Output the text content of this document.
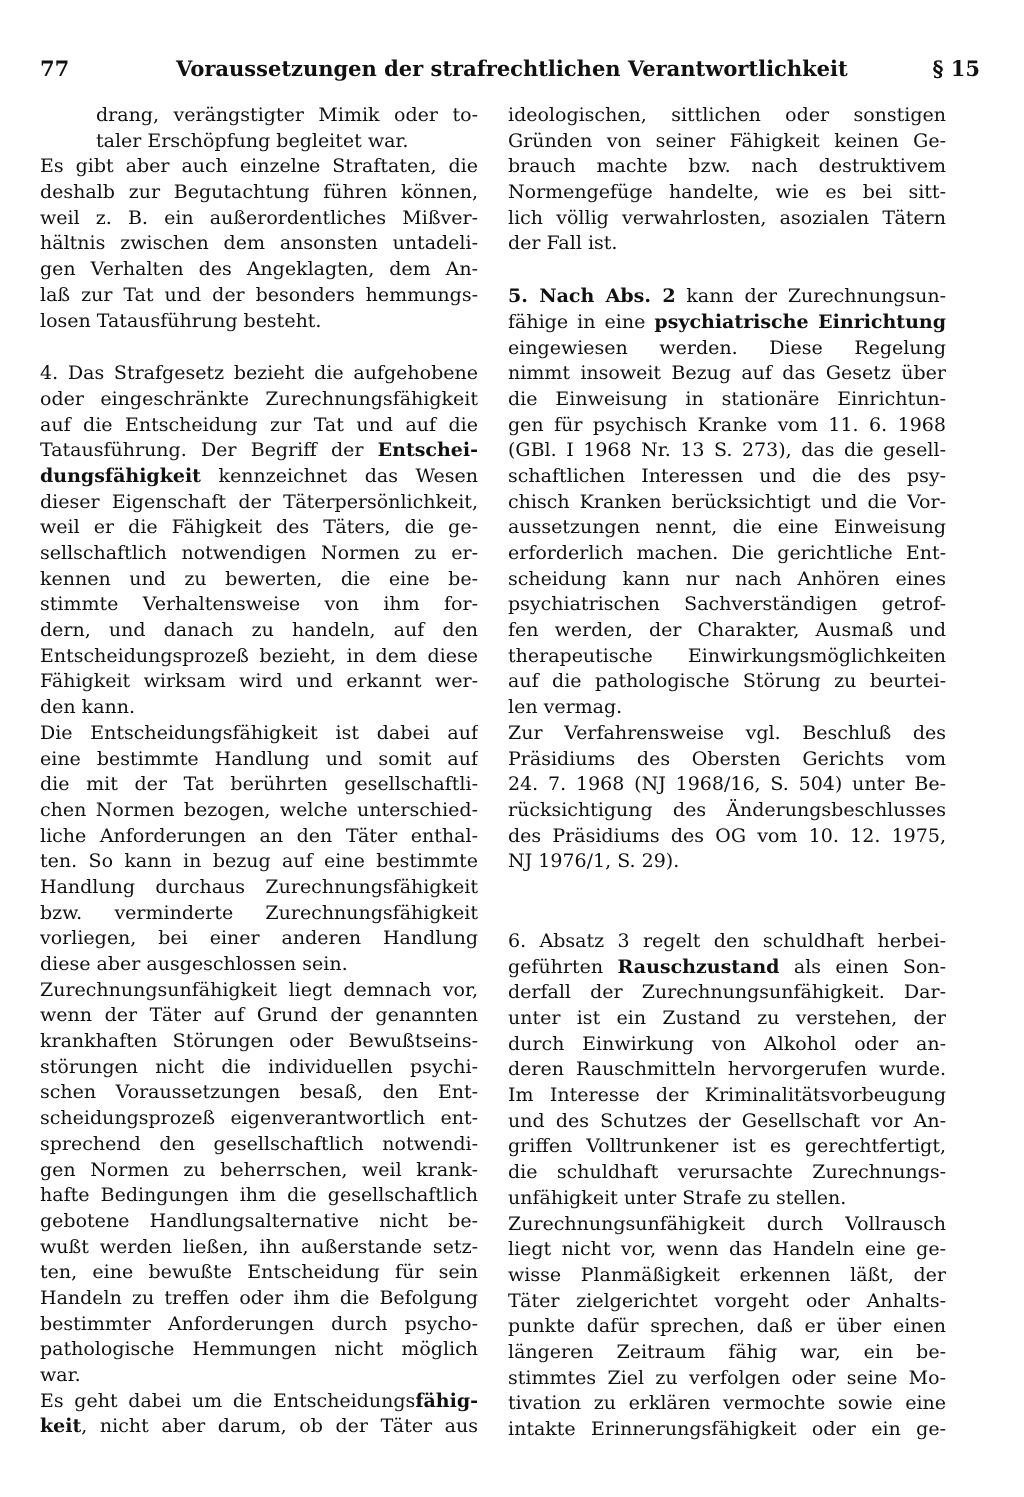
77	Voraussetzungen der strafrechtlichen Verantwortlichkeit	§ 15
drang, verängstigter Mimik oder to-
taler Erschöpfung begleitet war.
Es gibt aber auch einzelne Straftaten, die
deshalb zur Begutachtung führen können,
weil z. B. ein außerordentliches Mißver-
hältnis zwischen dem ansonsten untadeli-
gen Verhalten des Angeklagten, dem An-
laß zur Tat und der besonders hemmungs-
losen Tatausführung besteht.
4. Das Strafgesetz bezieht die aufgehobene
oder eingeschränkte Zurechnungsfähigkeit
auf die Entscheidung zur Tat und auf die
Tatausführung. Der Begriff der Entschei-
dungsfähigkeit kennzeichnet das Wesen
dieser Eigenschaft der Täterpersönlichkeit,
weil er die Fähigkeit des Täters, die ge-
sellschaftlich notwendigen Normen zu er-
kennen und zu bewerten, die eine be-
stimmte Verhaltensweise von ihm for-
dern, und danach zu handeln, auf den
Entscheidungsprozeß bezieht, in dem diese
Fähigkeit wirksam wird und erkannt wer-
den kann.
Die Entscheidungsfähigkeit ist dabei auf
eine bestimmte Handlung und somit auf
die mit der Tat berührten gesellschaftli-
chen Normen bezogen, welche unterschied-
liche Anforderungen an den Täter enthal-
ten. So kann in bezug auf eine bestimmte
Handlung durchaus Zurechnungsfähigkeit
bzw. verminderte Zurechnungsfähigkeit
vorliegen, bei einer anderen Handlung
diese aber ausgeschlossen sein.
Zurechnungsunfähigkeit liegt demnach vor,
wenn der Täter auf Grund der genannten
krankhaften Störungen oder Bewußtseins-
störungen nicht die individuellen psychi-
schen Voraussetzungen besaß, den Ent-
scheidungsprozeß eigenverantwortlich ent-
sprechend den gesellschaftlich notwendi-
gen Normen zu beherrschen, weil krank-
hafte Bedingungen ihm die gesellschaftlich
gebotene Handlungsalternative nicht be-
wußt werden ließen, ihn außerstande setz-
ten, eine bewußte Entscheidung für sein
Handeln zu treffen oder ihm die Befolgung
bestimmter Anforderungen durch psycho-
pathologische Hemmungen nicht möglich
war.
Es geht dabei um die Entscheidungsfähig-
keit, nicht aber darum, ob der Täter aus
ideologischen, sittlichen oder sonstigen
Gründen von seiner Fähigkeit keinen Ge-
brauch machte bzw. nach destruktivem
Normengefüge handelte, wie es bei sitt-
lich völlig verwahrlosten, asozialen Tätern
der Fall ist.
5. Nach Abs. 2 kann der Zurechnungsun-
fähige in eine psychiatrische Einrichtung
eingewiesen werden. Diese Regelung
nimmt insoweit Bezug auf das Gesetz über
die Einweisung in stationäre Einrichtun-
gen für psychisch Kranke vom 11. 6. 1968
(GBl. I 1968 Nr. 13 S. 273), das die gesell-
schaftlichen Interessen und die des psy-
chisch Kranken berücksichtigt und die Vor-
aussetzungen nennt, die eine Einweisung
erforderlich machen. Die gerichtliche Ent-
scheidung kann nur nach Anhören eines
psychiatrischen Sachverständigen getrof-
fen werden, der Charakter, Ausmaß und
therapeutische Einwirkungsmöglichkeiten
auf die pathologische Störung zu beurtei-
len vermag.
Zur Verfahrensweise vgl. Beschluß des
Präsidiums des Obersten Gerichts vom
24. 7. 1968 (NJ 1968/16, S. 504) unter Be-
rücksichtigung des Änderungsbeschlusses
des Präsidiums des OG vom 10. 12. 1975,
NJ 1976/1, S. 29).
6. Absatz 3 regelt den schuldhaft herbei-
geführten Rauschzustand als einen Son-
derfall der Zurechnungsunfähigkeit. Dar-
unter ist ein Zustand zu verstehen, der
durch Einwirkung von Alkohol oder an-
deren Rauschmitteln hervorgerufen wurde.
Im Interesse der Kriminalitätsvorbeugung
und des Schutzes der Gesellschaft vor An-
griffen Volltrunkener ist es gerechtfertigt,
die schuldhaft verursachte Zurechnungs-
unfähigkeit unter Strafe zu stellen.
Zurechnungsunfähigkeit durch Vollrausch
liegt nicht vor, wenn das Handeln eine ge-
wisse Planmäßigkeit erkennen läßt, der
Täter zielgerichtet vorgeht oder Anhalts-
punkte dafür sprechen, daß er über einen
längeren Zeitraum fähig war, ein be-
stimmtes Ziel zu verfolgen oder seine Mo-
tivation zu erklären vermochte sowie eine
intakte Erinnerungsfähigkeit oder ein ge-
